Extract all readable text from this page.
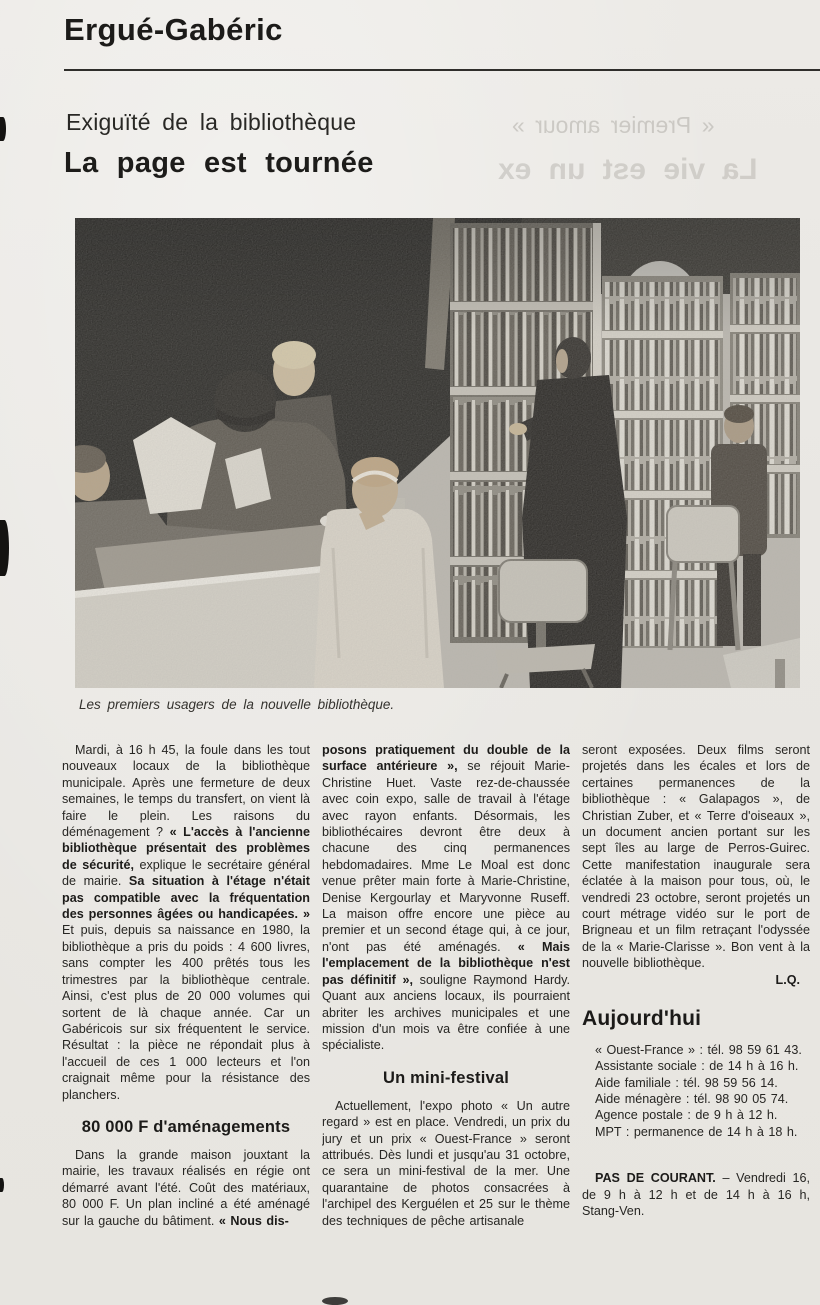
Ergué-Gabéric
« Premier amour »
La vie est un ex
Exiguïté de la bibliothèque
La page est tournée
Les premiers usagers de la nouvelle bibliothèque.

Mardi, à 16 h 45, la foule dans les tout nouveaux locaux de la bibliothèque municipale. Après une fermeture de deux semaines, le temps du transfert, on vient là faire le plein. Les raisons du déménagement ? « L'accès à l'ancienne bibliothèque présentait des problèmes de sécurité, explique le secrétaire général de mairie. Sa situation à l'étage n'était pas compatible avec la fréquentation des personnes âgées ou handicapées. » Et puis, depuis sa naissance en 1980, la bibliothèque a pris du poids : 4 600 livres, sans compter les 400 prêtés tous les trimestres par la bibliothèque centrale. Ainsi, c'est plus de 20 000 volumes qui sortent de là chaque année. Car un Gabéricois sur six fréquentent le service. Résultat : la pièce ne répondait plus à l'accueil de ces 1 000 lecteurs et l'on craignait même pour la résistance des planchers.

80 000 F d'aménagements

Dans la grande maison jouxtant la mairie, les travaux réalisés en régie ont démarré avant l'été. Coût des matériaux, 80 000 F. Un plan incliné a été aménagé sur la gauche du bâtiment. « Nous dis-

posons pratiquement du double de la surface antérieure », se réjouit Marie-Christine Huet. Vaste rez-de-chaussée avec coin expo, salle de travail à l'étage avec rayon enfants. Désormais, les bibliothécaires devront être deux à chacune des cinq permanences hebdomadaires. Mme Le Moal est donc venue prêter main forte à Marie-Christine, Denise Kergourlay et Maryvonne Ruseff. La maison offre encore une pièce au premier et un second étage qui, à ce jour, n'ont pas été aménagés. « Mais l'emplacement de la bibliothèque n'est pas définitif », souligne Raymond Hardy. Quant aux anciens locaux, ils pourraient abriter les archives municipales et une mission d'un mois va être confiée à une spécialiste.

Un mini-festival

Actuellement, l'expo photo « Un autre regard » est en place. Vendredi, un prix du jury et un prix « Ouest-France » seront attribués. Dès lundi et jusqu'au 31 octobre, ce sera un mini-festival de la mer. Une quarantaine de photos consacrées à l'archipel des Kerguélen et 25 sur le thème des techniques de pêche artisanale

seront exposées. Deux films seront projetés dans les écales et lors de certaines permanences de la bibliothèque : « Galapagos », de Christian Zuber, et « Terre d'oiseaux », un document ancien portant sur les sept îles au large de Perros-Guirec. Cette manifestation inaugurale sera éclatée à la maison pour tous, où, le vendredi 23 octobre, seront projetés un court métrage vidéo sur le port de Brigneau et un film retraçant l'odyssée de la « Marie-Clarisse ». Bon vent à la nouvelle bibliothèque.

L.Q.

Aujourd'hui

« Ouest-France » : tél. 98 59 61 43.

Assistante sociale : de 14 h à 16 h.

Aide familiale : tél. 98 59 56 14.

Aide ménagère : tél. 98 90 05 74.

Agence postale : de 9 h à 12 h.

MPT : permanence de 14 h à 18 h.

PAS DE COURANT. – Vendredi 16, de 9 h à 12 h et de 14 h à 16 h, Stang-Ven.
